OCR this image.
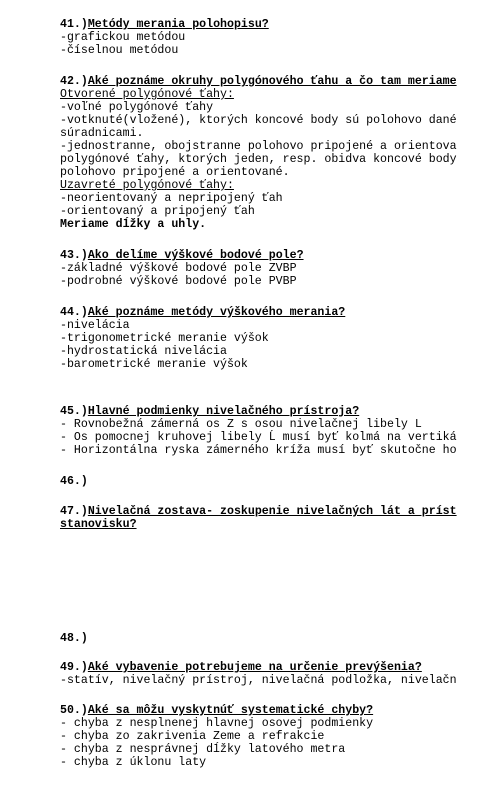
41.)Metódy merania polohopisu?
-grafickou metódou
-číselnou metódou
42.)Aké poznáme okruhy polygónového ťahu a čo tam meriame
Otvorené polygónové ťahy:
-voľné polygónové ťahy
-votknuté(vložené), ktorých koncové body sú polohovo dané
súradnicami.
-jednostranne, obojstranne polohovo pripojené a orientova
polygónové ťahy, ktorých jeden, resp. obidva koncové body
polohovo pripojené a orientované.
Uzavreté polygónové ťahy:
-neorientovaný a nepripojený ťah
-orientovaný a pripojený ťah
Meriame dĺžky a uhly.
43.)Ako delíme výškové bodové pole?
-základné výškové bodové pole ZVBP
-podrobné výškové bodové pole PVBP
44.)Aké poznáme metódy výškového merania?
-nivelácia
-trigonometrické meranie výšok
-hydrostatická nivelácia
-barometrické meranie výšok
45.)Hlavné podmienky nivelačného prístroja?
- Rovnobežná zámerná os Z s osou nivelačnej libely L
- Os pomocnej kruhovej libely Ĺ musí byť kolmá na vertiká
- Horizontálna ryska zámerného kríža musí byť skutočne ho
46.)
47.)Nivelačná zostava- zoskupenie nivelačných lát a príst
stanovisku?
48.)
49.)Aké vybavenie potrebujeme na určenie prevýšenia?
-statív, nivelačný prístroj, nivelačná podložka, nivelačn
50.)Aké sa môžu vyskytnúť systematické chyby?
- chyba z nesplnenej hlavnej osovej podmienky
- chyba zo zakrivenia Zeme a refrakcie
- chyba z nesprávnej dĺžky latového metra
- chyba z úklonu laty
